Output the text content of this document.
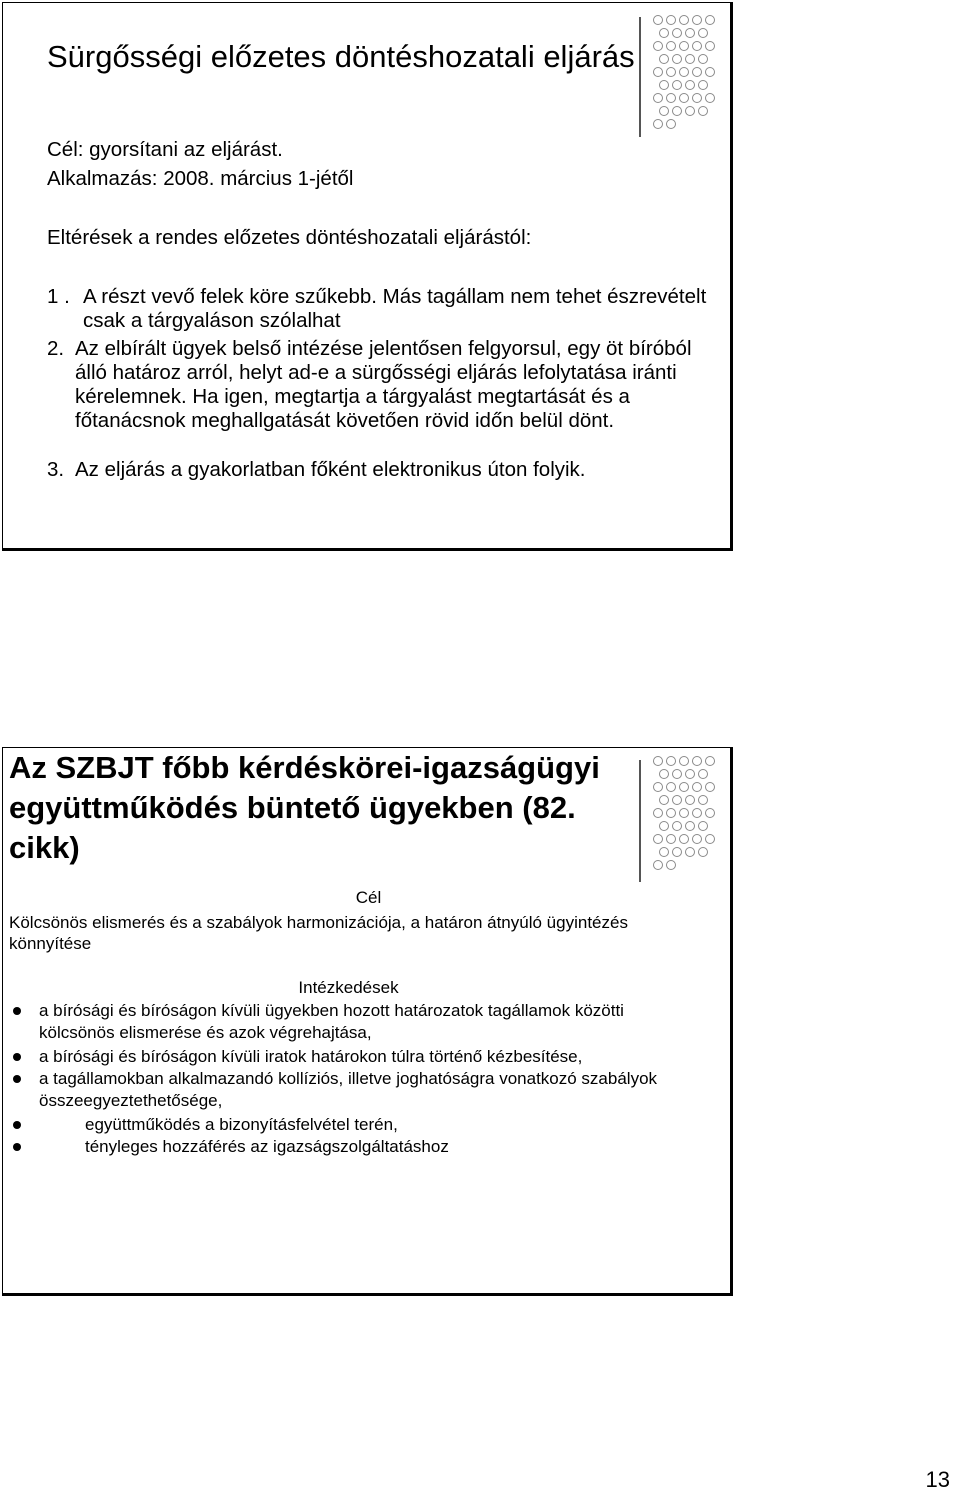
Sürgősségi előzetes döntéshozatali eljárás
Cél: gyorsítani az eljárást.
Alkalmazás: 2008. március 1-jétől
Eltérések a rendes előzetes döntéshozatali eljárástól:
1 . A részt vevő felek köre szűkebb. Más tagállam nem tehet észrevételt csak a tárgyaláson szólalhat
2. Az elbírált ügyek belső intézése jelentősen felgyorsul, egy öt bíróból álló határoz arról, helyt ad-e a sürgősségi eljárás lefolytatása iránti kérelemnek. Ha igen, megtartja a tárgyalást megtartását és a főtanácsnok meghallgatását követően rövid időn belül dönt.
3. Az eljárás a gyakorlatban főként elektronikus úton folyik.
Az SZBJT főbb kérdéskörei-igazságügyi együttműködés büntető ügyekben (82. cikk)
Cél
Kölcsönös elismerés és a szabályok harmonizációja, a határon átnyúló ügyintézés könnyítése
Intézkedések
a bírósági és bíróságon kívüli ügyekben hozott határozatok tagállamok közötti kölcsönös elismerése és azok végrehajtása,
a bírósági és bíróságon kívüli iratok határokon túlra történő kézbesítése,
a tagállamokban alkalmazandó kollíziós, illetve joghatóságra vonatkozó szabályok összeegyeztethetősége,
együttműködés a bizonyításfelvétel terén,
tényleges hozzáférés az igazságszolgáltatáshoz
13
